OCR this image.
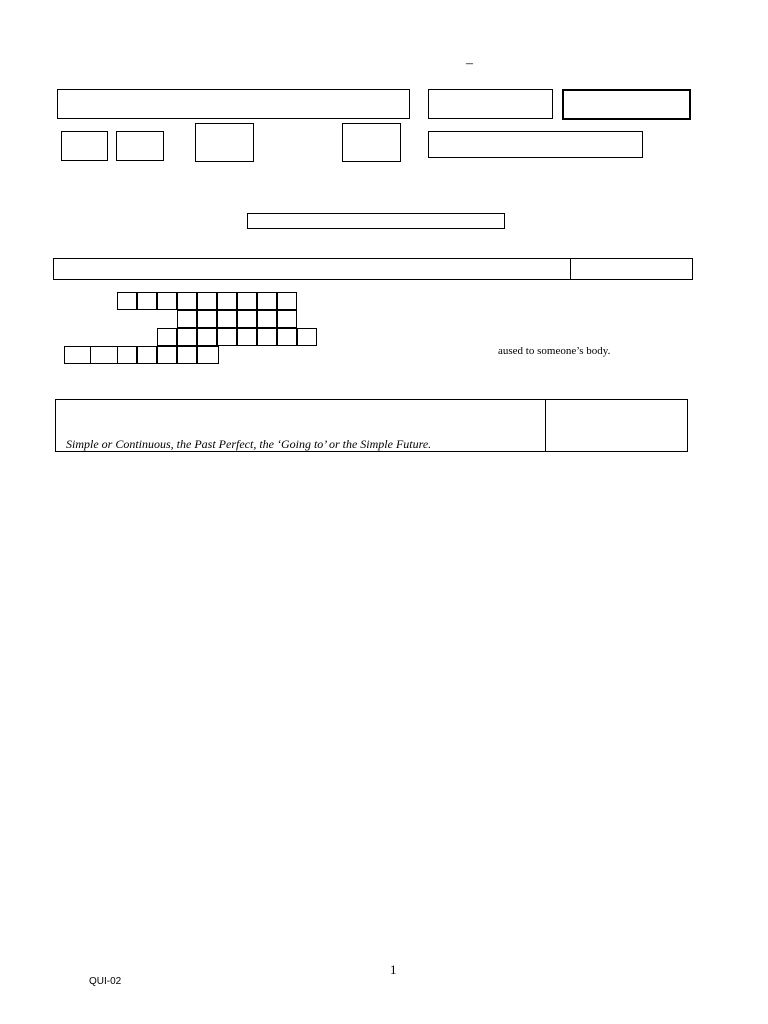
–
aused to someone’s body.
Simple or Continuous, the Past Perfect, the ‘Going to’ or the Simple Future.
1
QUI-02
